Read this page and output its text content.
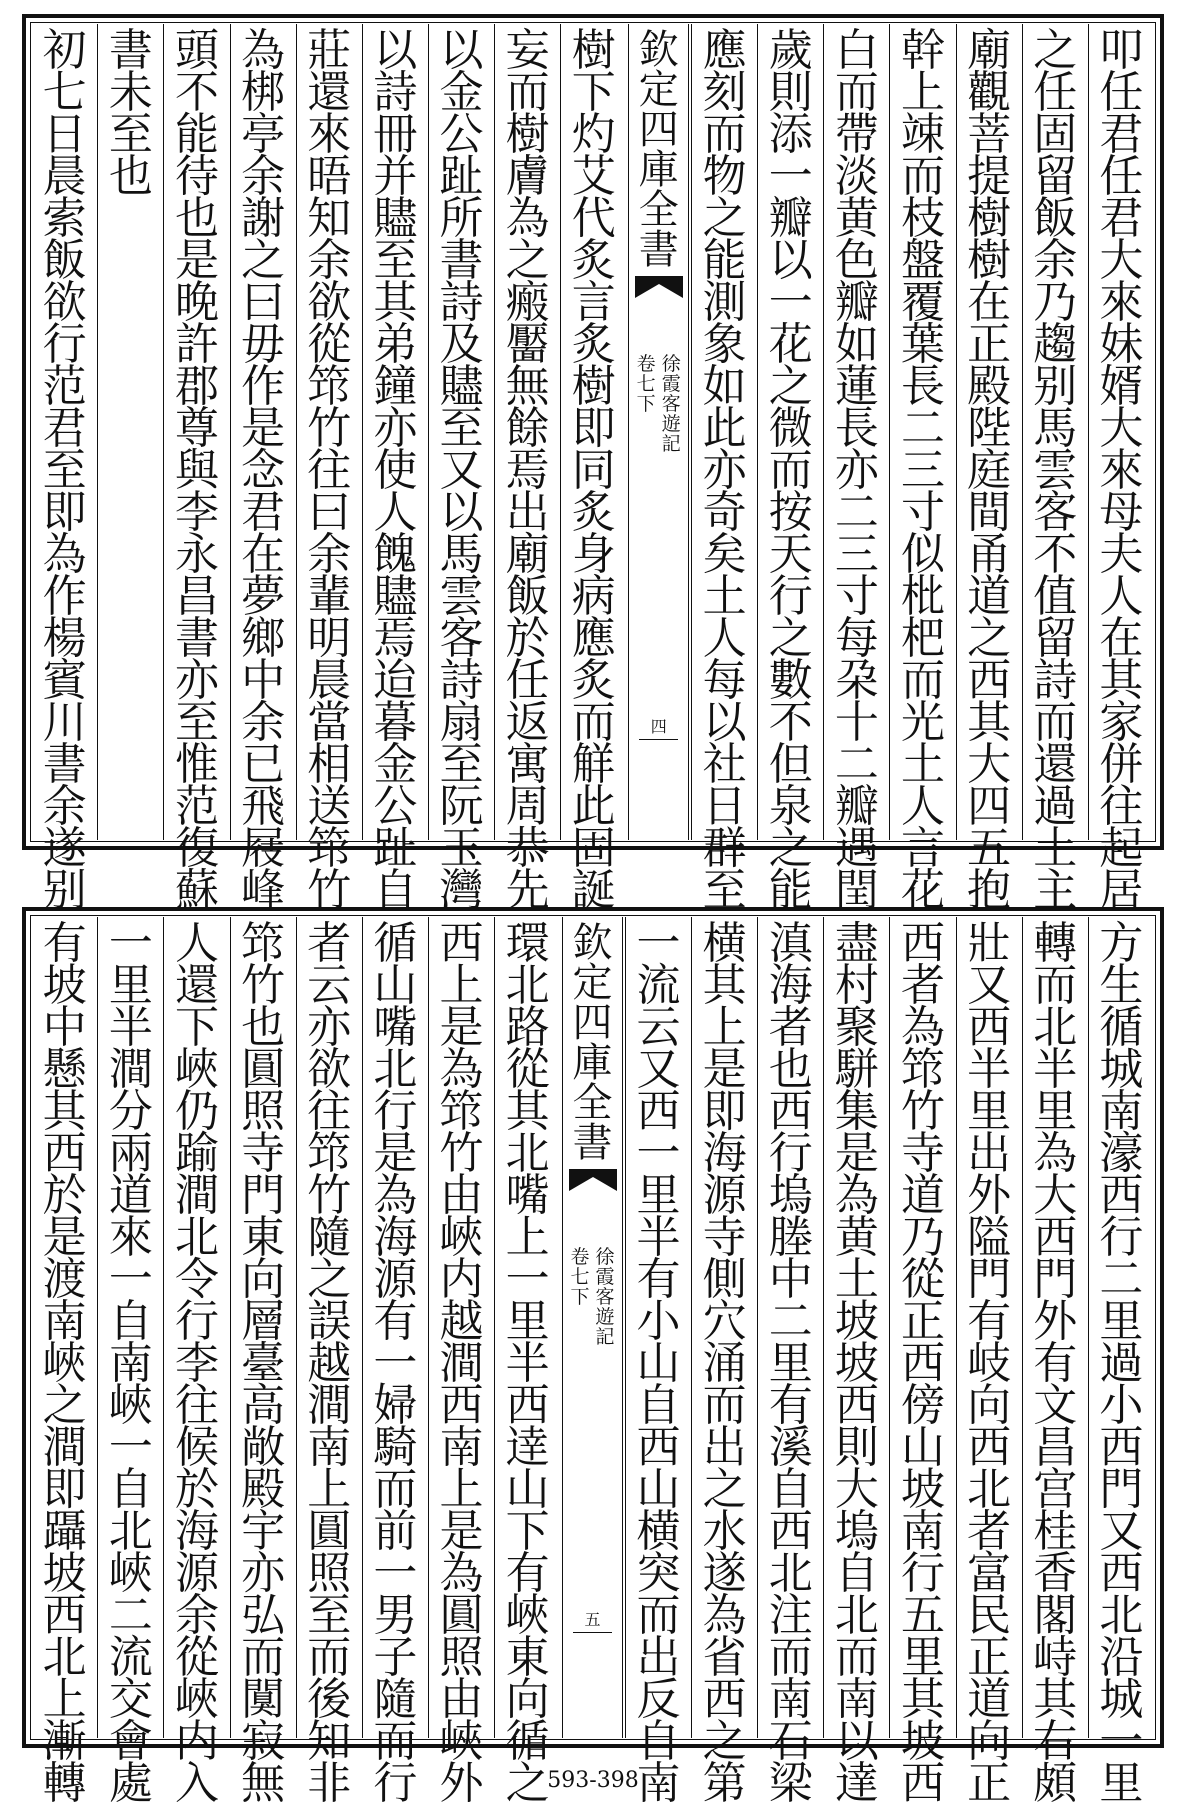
叩
任
君
任
君
大
來
妹
婿
大
來
母
夫
人
在
其
家
併
往
起
居
之
任
固
留
飯
余
乃
趨
别
馬
雲
客
不
值
留
詩
而
還
過
土
主
廟
觀
菩
提
樹
樹
在
正
殿
陛
庭
間
甬
道
之
西
其
大
四
五
抱
幹
上
竦
而
枝
盤
覆
葉
長
二
三
寸
似
枇
杷
而
光
土
人
言
花
白
而
帶
淡
黄
色
瓣
如
蓮
長
亦
二
三
寸
每
朶
十
二
瓣
遇
閏
歲
則
添
一
瓣
以
一
花
之
微
而
按
天
行
之
數
不
但
泉
之
能
應
刻
而
物
之
能
測
象
如
此
亦
奇
矣
土
人
每
以
社
日
群
至
欽
定
四
庫
全
書
徐
霞
客
遊
記
卷
七
下
四
樹
下
灼
艾
代
炙
言
炙
樹
即
同
炙
身
病
應
炙
而
觧
此
固
誕
妄
而
樹
膚
為
之
瘢
靨
無
餘
焉
出
廟
飯
於
任
返
寓
周
恭
先
以
金
公
趾
所
書
詩
及
贐
至
又
以
馬
雲
客
詩
扇
至
阮
玉
灣
以
詩
冊
并
贐
至
其
弟
鐘
亦
使
人
餽
贐
焉
迨
暮
金
公
趾
自
莊
還
來
晤
知
余
欲
從
筇
竹
往
曰
余
輩
明
晨
當
相
送
筇
竹
為
梆
亭
余
謝
之
曰
毋
作
是
念
君
在
夢
鄉
中
余
已
飛
屐
峰
頭
不
能
待
也
是
晚
許
郡
尊
與
李
永
昌
書
亦
至
惟
范
復
蘇
書
未
至
也
初
七
日
晨
索
飯
欲
行
范
君
至
即
為
作
楊
賓
川
書
余
遂
别
方
生
循
城
南
濠
西
行
二
里
過
小
西
門
又
西
北
沿
城
一
里
轉
而
北
半
里
為
大
西
門
外
有
文
昌
宫
桂
香
閣
峙
其
右
頗
壯
又
西
半
里
出
外
隘
門
有
岐
向
西
北
者
富
民
正
道
向
正
西
者
為
筇
竹
寺
道
乃
從
正
西
傍
山
坡
南
行
五
里
其
坡
西
盡
村
聚
駢
集
是
為
黄
土
坡
坡
西
則
大
塢
自
北
而
南
以
達
滇
海
者
也
西
行
塢
塍
中
二
里
有
溪
自
西
北
注
而
南
石
梁
横
其
上
是
即
海
源
寺
側
穴
涌
而
出
之
水
遂
為
省
西
之
第
一
流
云
又
西
一
里
半
有
小
山
自
西
山
横
突
而
出
反
自
南
欽
定
四
庫
全
書
徐
霞
客
遊
記
卷
七
下
五
環
北
路
從
其
北
嘴
上
一
里
半
西
逹
山
下
有
峽
東
向
循
之
西
上
是
為
筇
竹
由
峽
内
越
澗
西
南
上
是
為
圓
照
由
峽
外
循
山
嘴
北
行
是
為
海
源
有
一
婦
騎
而
前
一
男
子
隨
而
行
者
云
亦
欲
往
筇
竹
隨
之
誤
越
澗
南
上
圓
照
至
而
後
知
非
筇
竹
也
圓
照
寺
門
東
向
層
臺
高
敞
殿
宇
亦
弘
而
闃
寂
無
人
還
下
峽
仍
踰
澗
北
令
行
李
往
候
於
海
源
余
從
峽
内
入
一
里
半
澗
分
兩
道
來
一
自
南
峽
一
自
北
峽
二
流
交
會
處
有
坡
中
懸
其
西
於
是
渡
南
峽
之
澗
即
躡
坡
西
北
上
漸
轉	593-398
